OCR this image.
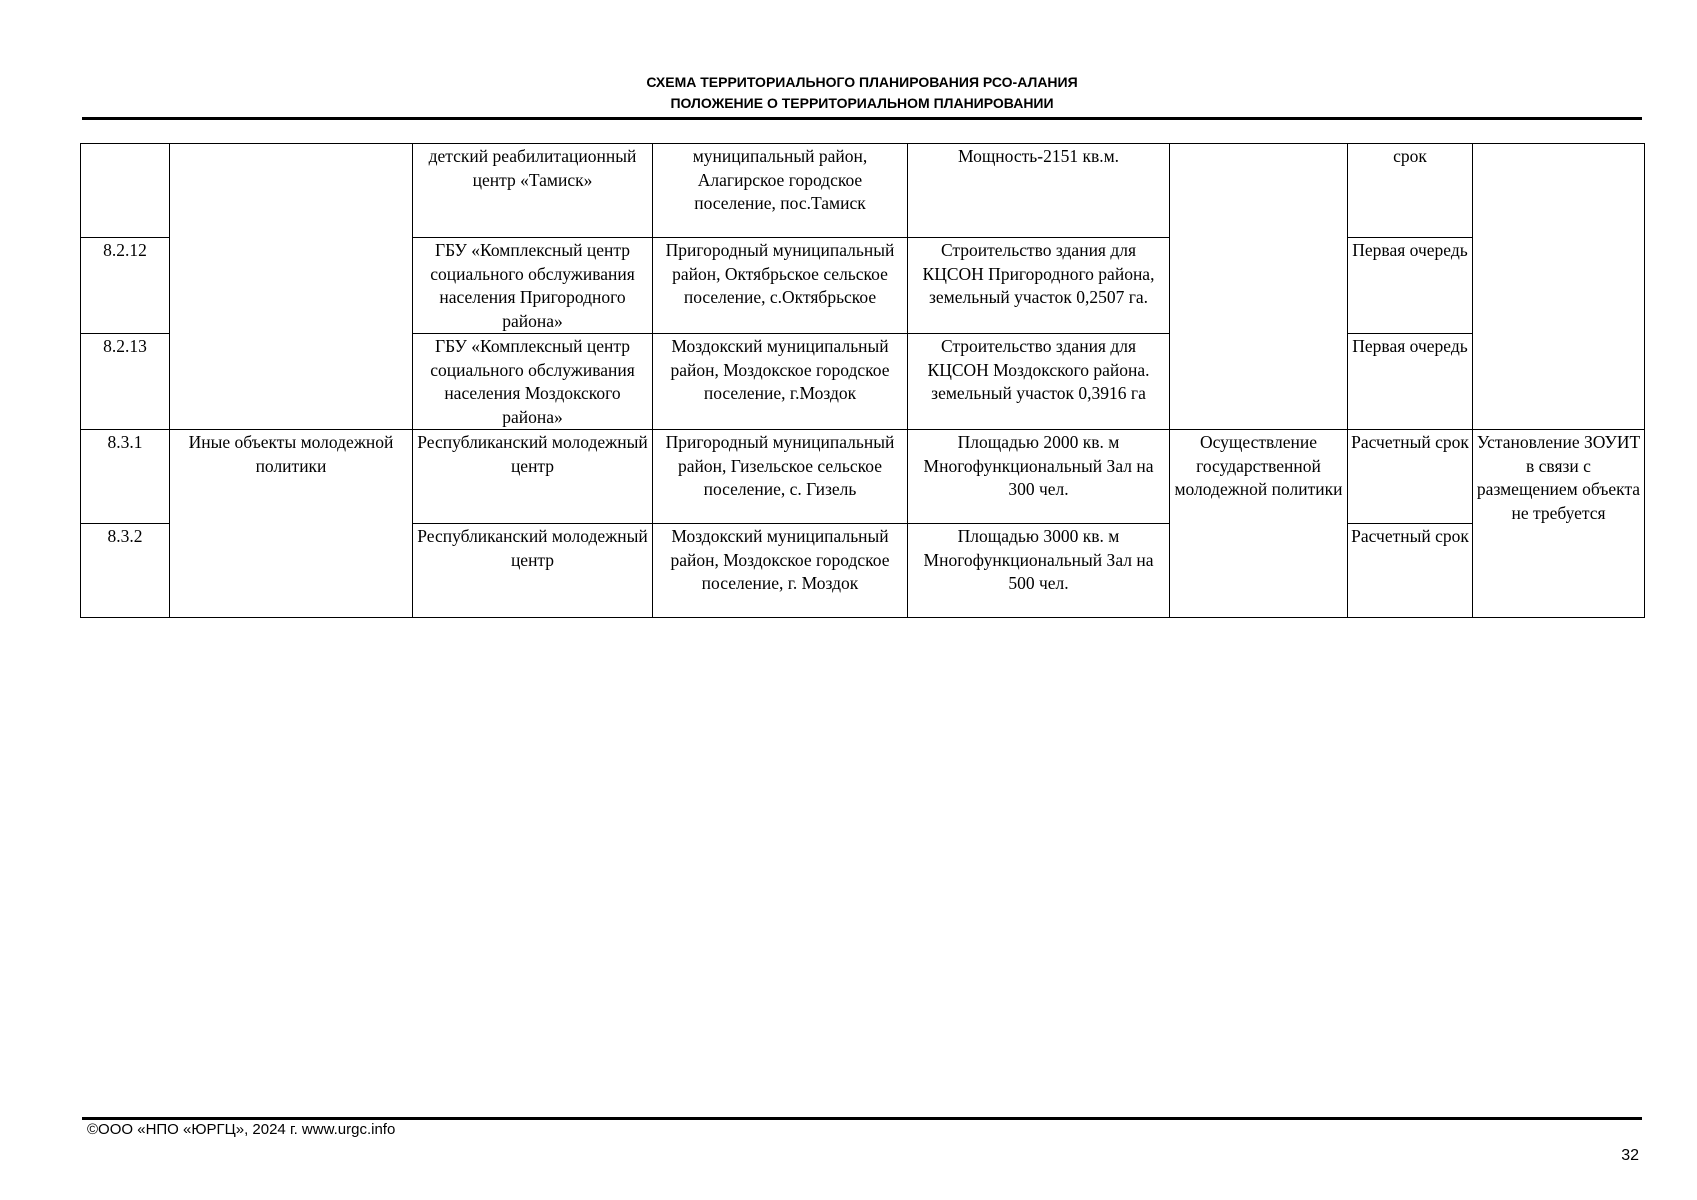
СХЕМА ТЕРРИТОРИАЛЬНОГО ПЛАНИРОВАНИЯ РСО-АЛАНИЯ
ПОЛОЖЕНИЕ О ТЕРРИТОРИАЛЬНОМ ПЛАНИРОВАНИИ
		детский реабилитационный центр «Тамиск»	муниципальный район, Алагирское городское поселение, пос.Тамиск	Мощность-2151 кв.м.		срок	
8.2.12		ГБУ «Комплексный центр социального обслуживания населения Пригородного района»	Пригородный муниципальный район, Октябрьское сельское поселение, с.Октябрьское	Строительство здания для КЦСОН Пригородного района, земельный участок 0,2507 га.		Первая очередь	
8.2.13		ГБУ «Комплексный центр социального обслуживания населения Моздокского района»	Моздокский муниципальный район, Моздокское городское поселение, г.Моздок	Строительство здания для КЦСОН Моздокского района. земельный участок 0,3916 га		Первая очередь	
8.3.1	Иные объекты молодежной политики	Республиканский молодежный центр	Пригородный муниципальный район, Гизельское сельское поселение, с. Гизель	Площадью 2000 кв. м Многофункциональный Зал на 300 чел.	Осуществление государственной молодежной политики	Расчетный срок	Установление ЗОУИТ в связи с размещением объекта не требуется
8.3.2		Республиканский молодежный центр	Моздокский муниципальный район, Моздокское городское поселение, г. Моздок	Площадью 3000 кв. м Многофункциональный Зал на 500 чел.		Расчетный срок	
©ООО «НПО «ЮРГЦ», 2024 г. www.urgc.info
32
